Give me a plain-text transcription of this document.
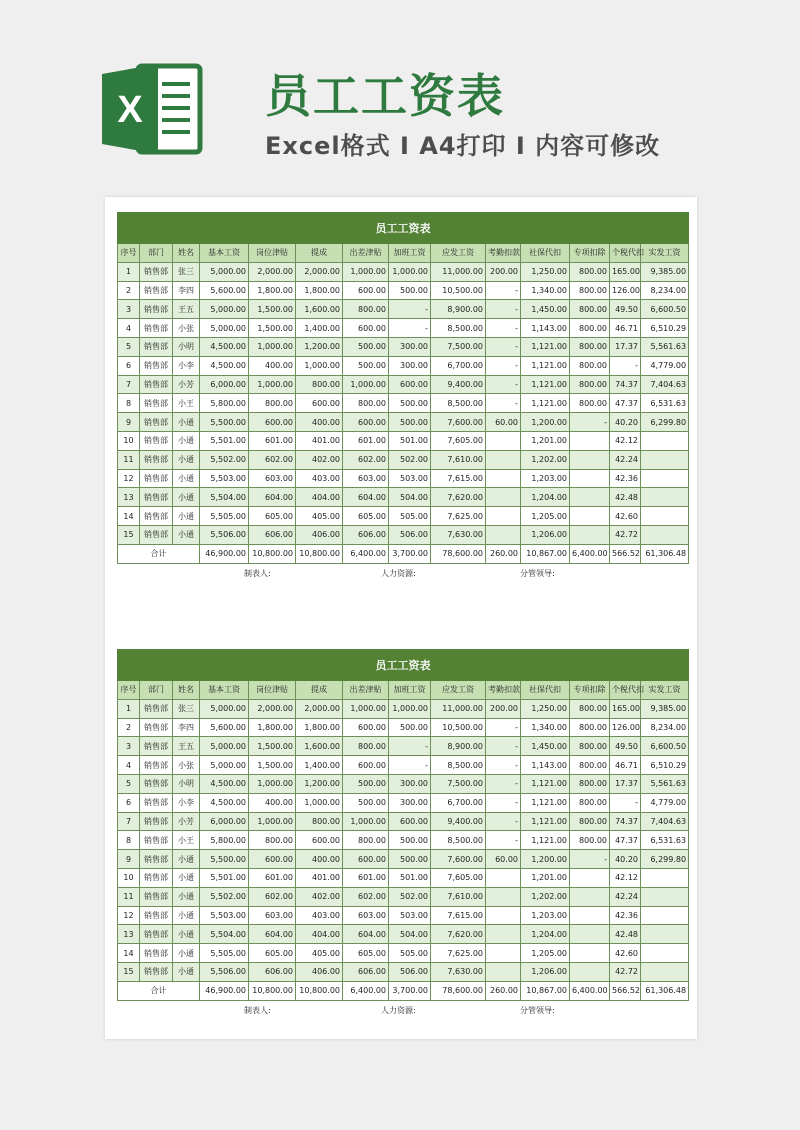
X	员工工资表
Excel格式 I A4打印 I 内容可修改
员工工资表													
序号	部门	姓名	基本工资	岗位津贴	提成	出差津贴	加班工资	应发工资	考勤扣款	社保代扣	专项扣除	个税代扣	实发工资
1	销售部	张三	5,000.00	2,000.00	2,000.00	1,000.00	1,000.00	11,000.00	200.00	1,250.00	800.00	165.00	9,385.00
2	销售部	李四	5,600.00	1,800.00	1,800.00	600.00	500.00	10,500.00	-	1,340.00	800.00	126.00	8,234.00
3	销售部	王五	5,000.00	1,500.00	1,600.00	800.00	-	8,900.00	-	1,450.00	800.00	49.50	6,600.50
4	销售部	小张	5,000.00	1,500.00	1,400.00	600.00	-	8,500.00	-	1,143.00	800.00	46.71	6,510.29
5	销售部	小明	4,500.00	1,000.00	1,200.00	500.00	300.00	7,500.00	-	1,121.00	800.00	17.37	5,561.63
6	销售部	小李	4,500.00	400.00	1,000.00	500.00	300.00	6,700.00	-	1,121.00	800.00	-	4,779.00
7	销售部	小芳	6,000.00	1,000.00	800.00	1,000.00	600.00	9,400.00	-	1,121.00	800.00	74.37	7,404.63
8	销售部	小王	5,800.00	800.00	600.00	800.00	500.00	8,500.00	-	1,121.00	800.00	47.37	6,531.63
9	销售部	小通	5,500.00	600.00	400.00	600.00	500.00	7,600.00	60.00	1,200.00	-	40.20	6,299.80
10	销售部	小通	5,501.00	601.00	401.00	601.00	501.00	7,605.00		1,201.00		42.12	
11	销售部	小通	5,502.00	602.00	402.00	602.00	502.00	7,610.00		1,202.00		42.24	
12	销售部	小通	5,503.00	603.00	403.00	603.00	503.00	7,615.00		1,203.00		42.36	
13	销售部	小通	5,504.00	604.00	404.00	604.00	504.00	7,620.00		1,204.00		42.48	
14	销售部	小通	5,505.00	605.00	405.00	605.00	505.00	7,625.00		1,205.00		42.60	
15	销售部	小通	5,506.00	606.00	406.00	606.00	506.00	7,630.00		1,206.00		42.72	
合计			46,900.00	10,800.00	10,800.00	6,400.00	3,700.00	78,600.00	260.00	10,867.00	6,400.00	566.52	61,306.48
制表人:	人力资源:	分管领导:
员工工资表													
序号	部门	姓名	基本工资	岗位津贴	提成	出差津贴	加班工资	应发工资	考勤扣款	社保代扣	专项扣除	个税代扣	实发工资
1	销售部	张三	5,000.00	2,000.00	2,000.00	1,000.00	1,000.00	11,000.00	200.00	1,250.00	800.00	165.00	9,385.00
2	销售部	李四	5,600.00	1,800.00	1,800.00	600.00	500.00	10,500.00	-	1,340.00	800.00	126.00	8,234.00
3	销售部	王五	5,000.00	1,500.00	1,600.00	800.00	-	8,900.00	-	1,450.00	800.00	49.50	6,600.50
4	销售部	小张	5,000.00	1,500.00	1,400.00	600.00	-	8,500.00	-	1,143.00	800.00	46.71	6,510.29
5	销售部	小明	4,500.00	1,000.00	1,200.00	500.00	300.00	7,500.00	-	1,121.00	800.00	17.37	5,561.63
6	销售部	小李	4,500.00	400.00	1,000.00	500.00	300.00	6,700.00	-	1,121.00	800.00	-	4,779.00
7	销售部	小芳	6,000.00	1,000.00	800.00	1,000.00	600.00	9,400.00	-	1,121.00	800.00	74.37	7,404.63
8	销售部	小王	5,800.00	800.00	600.00	800.00	500.00	8,500.00	-	1,121.00	800.00	47.37	6,531.63
9	销售部	小通	5,500.00	600.00	400.00	600.00	500.00	7,600.00	60.00	1,200.00	-	40.20	6,299.80
10	销售部	小通	5,501.00	601.00	401.00	601.00	501.00	7,605.00		1,201.00		42.12	
11	销售部	小通	5,502.00	602.00	402.00	602.00	502.00	7,610.00		1,202.00		42.24	
12	销售部	小通	5,503.00	603.00	403.00	603.00	503.00	7,615.00		1,203.00		42.36	
13	销售部	小通	5,504.00	604.00	404.00	604.00	504.00	7,620.00		1,204.00		42.48	
14	销售部	小通	5,505.00	605.00	405.00	605.00	505.00	7,625.00		1,205.00		42.60	
15	销售部	小通	5,506.00	606.00	406.00	606.00	506.00	7,630.00		1,206.00		42.72	
合计			46,900.00	10,800.00	10,800.00	6,400.00	3,700.00	78,600.00	260.00	10,867.00	6,400.00	566.52	61,306.48
制表人:	人力资源:	分管领导:
